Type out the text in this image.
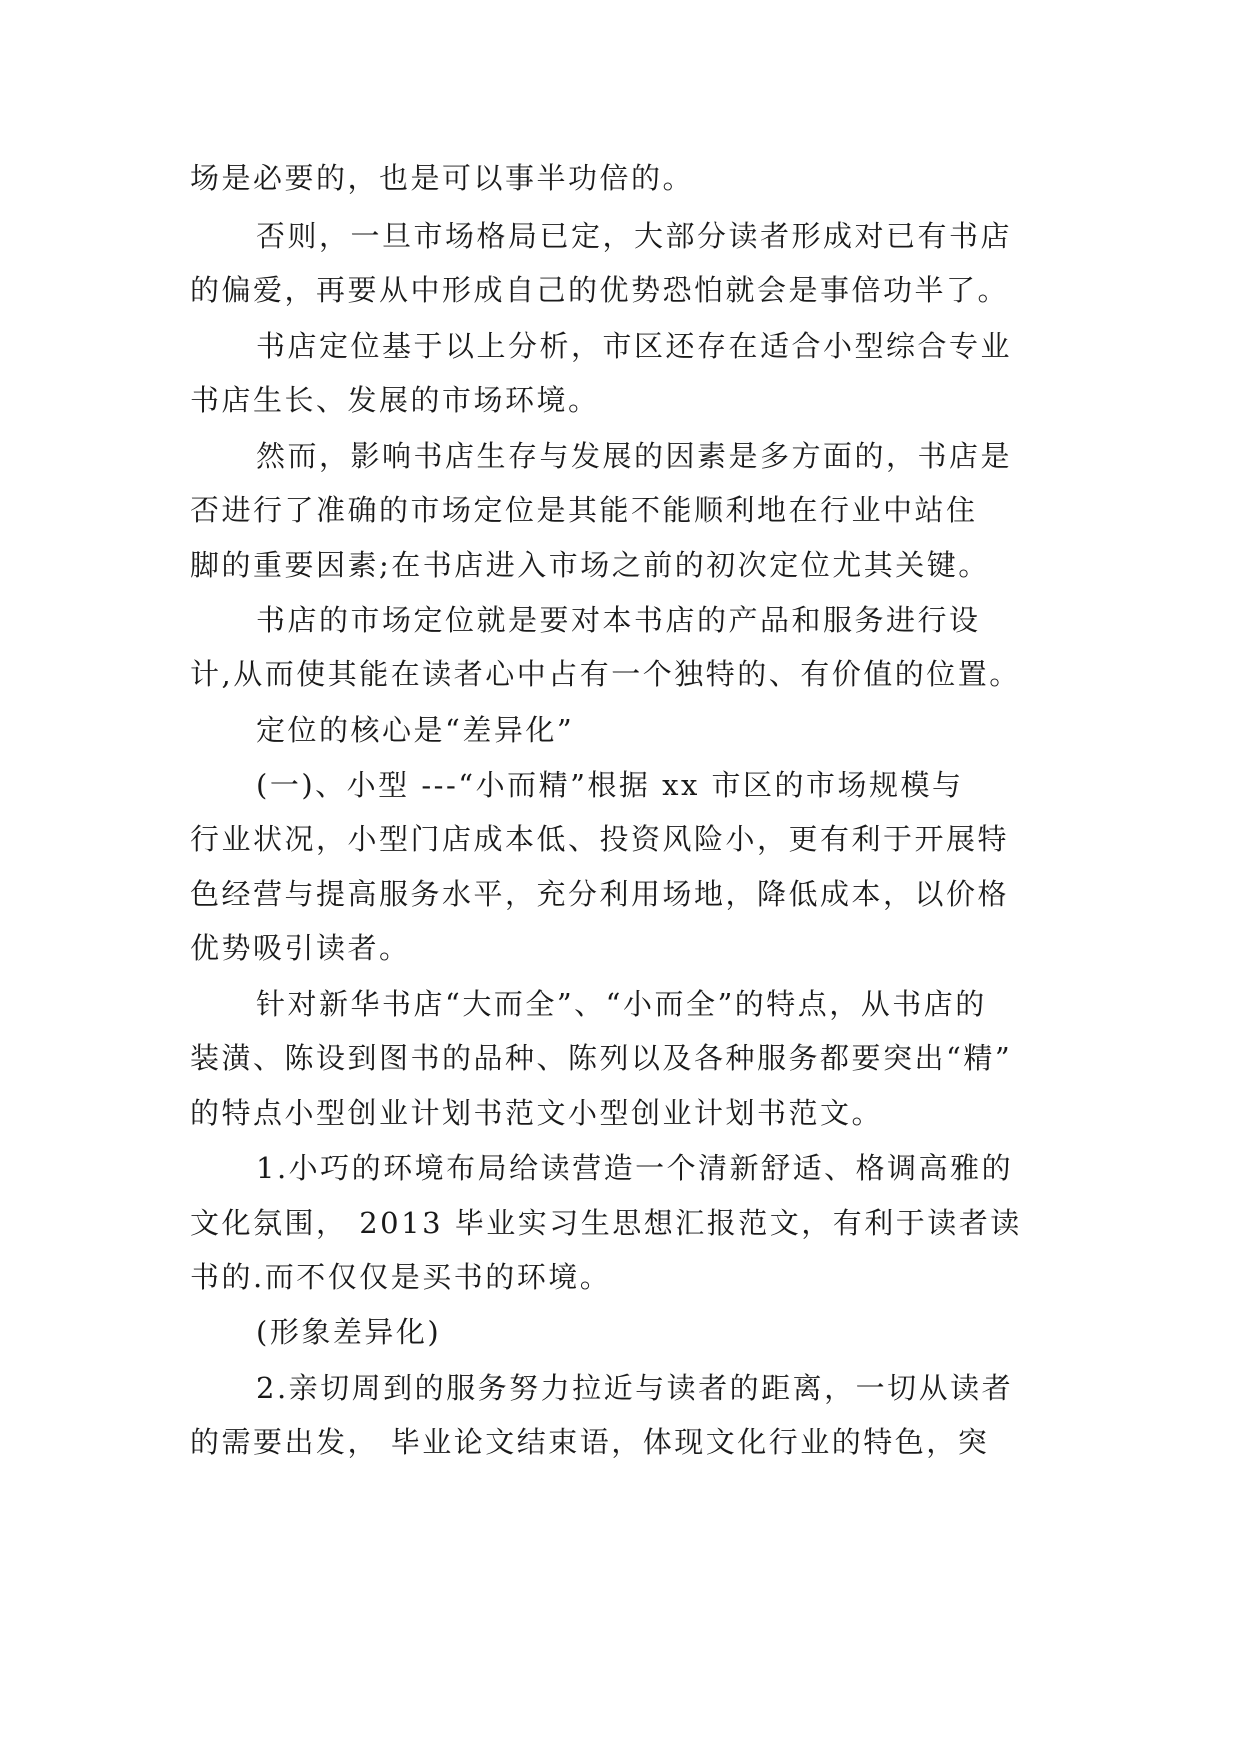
场是必要的，也是可以事半功倍的。
否则，一旦市场格局已定，大部分读者形成对已有书店
的偏爱，再要从中形成自己的优势恐怕就会是事倍功半了。
书店定位基于以上分析，市区还存在适合小型综合专业
书店生长、发展的市场环境。
然而，影响书店生存与发展的因素是多方面的，书店是
否进行了准确的市场定位是其能不能顺利地在行业中站住
脚的重要因素;在书店进入市场之前的初次定位尤其关键。
书店的市场定位就是要对本书店的产品和服务进行设
计,从而使其能在读者心中占有一个独特的、有价值的位置。
定位的核心是“差异化”
(一)、小型 ---“小而精”根据 xx 市区的市场规模与
行业状况，小型门店成本低、投资风险小，更有利于开展特
色经营与提高服务水平，充分利用场地，降低成本，以价格
优势吸引读者。
针对新华书店“大而全”、“小而全”的特点，从书店的
装潢、陈设到图书的品种、陈列以及各种服务都要突出“精”
的特点小型创业计划书范文小型创业计划书范文。
1.小巧的环境布局给读营造一个清新舒适、格调高雅的
文化氛围， 2013 毕业实习生思想汇报范文，有利于读者读
书的.而不仅仅是买书的环境。
(形象差异化)
2.亲切周到的服务努力拉近与读者的距离，一切从读者
的需要出发， 毕业论文结束语，体现文化行业的特色，突
